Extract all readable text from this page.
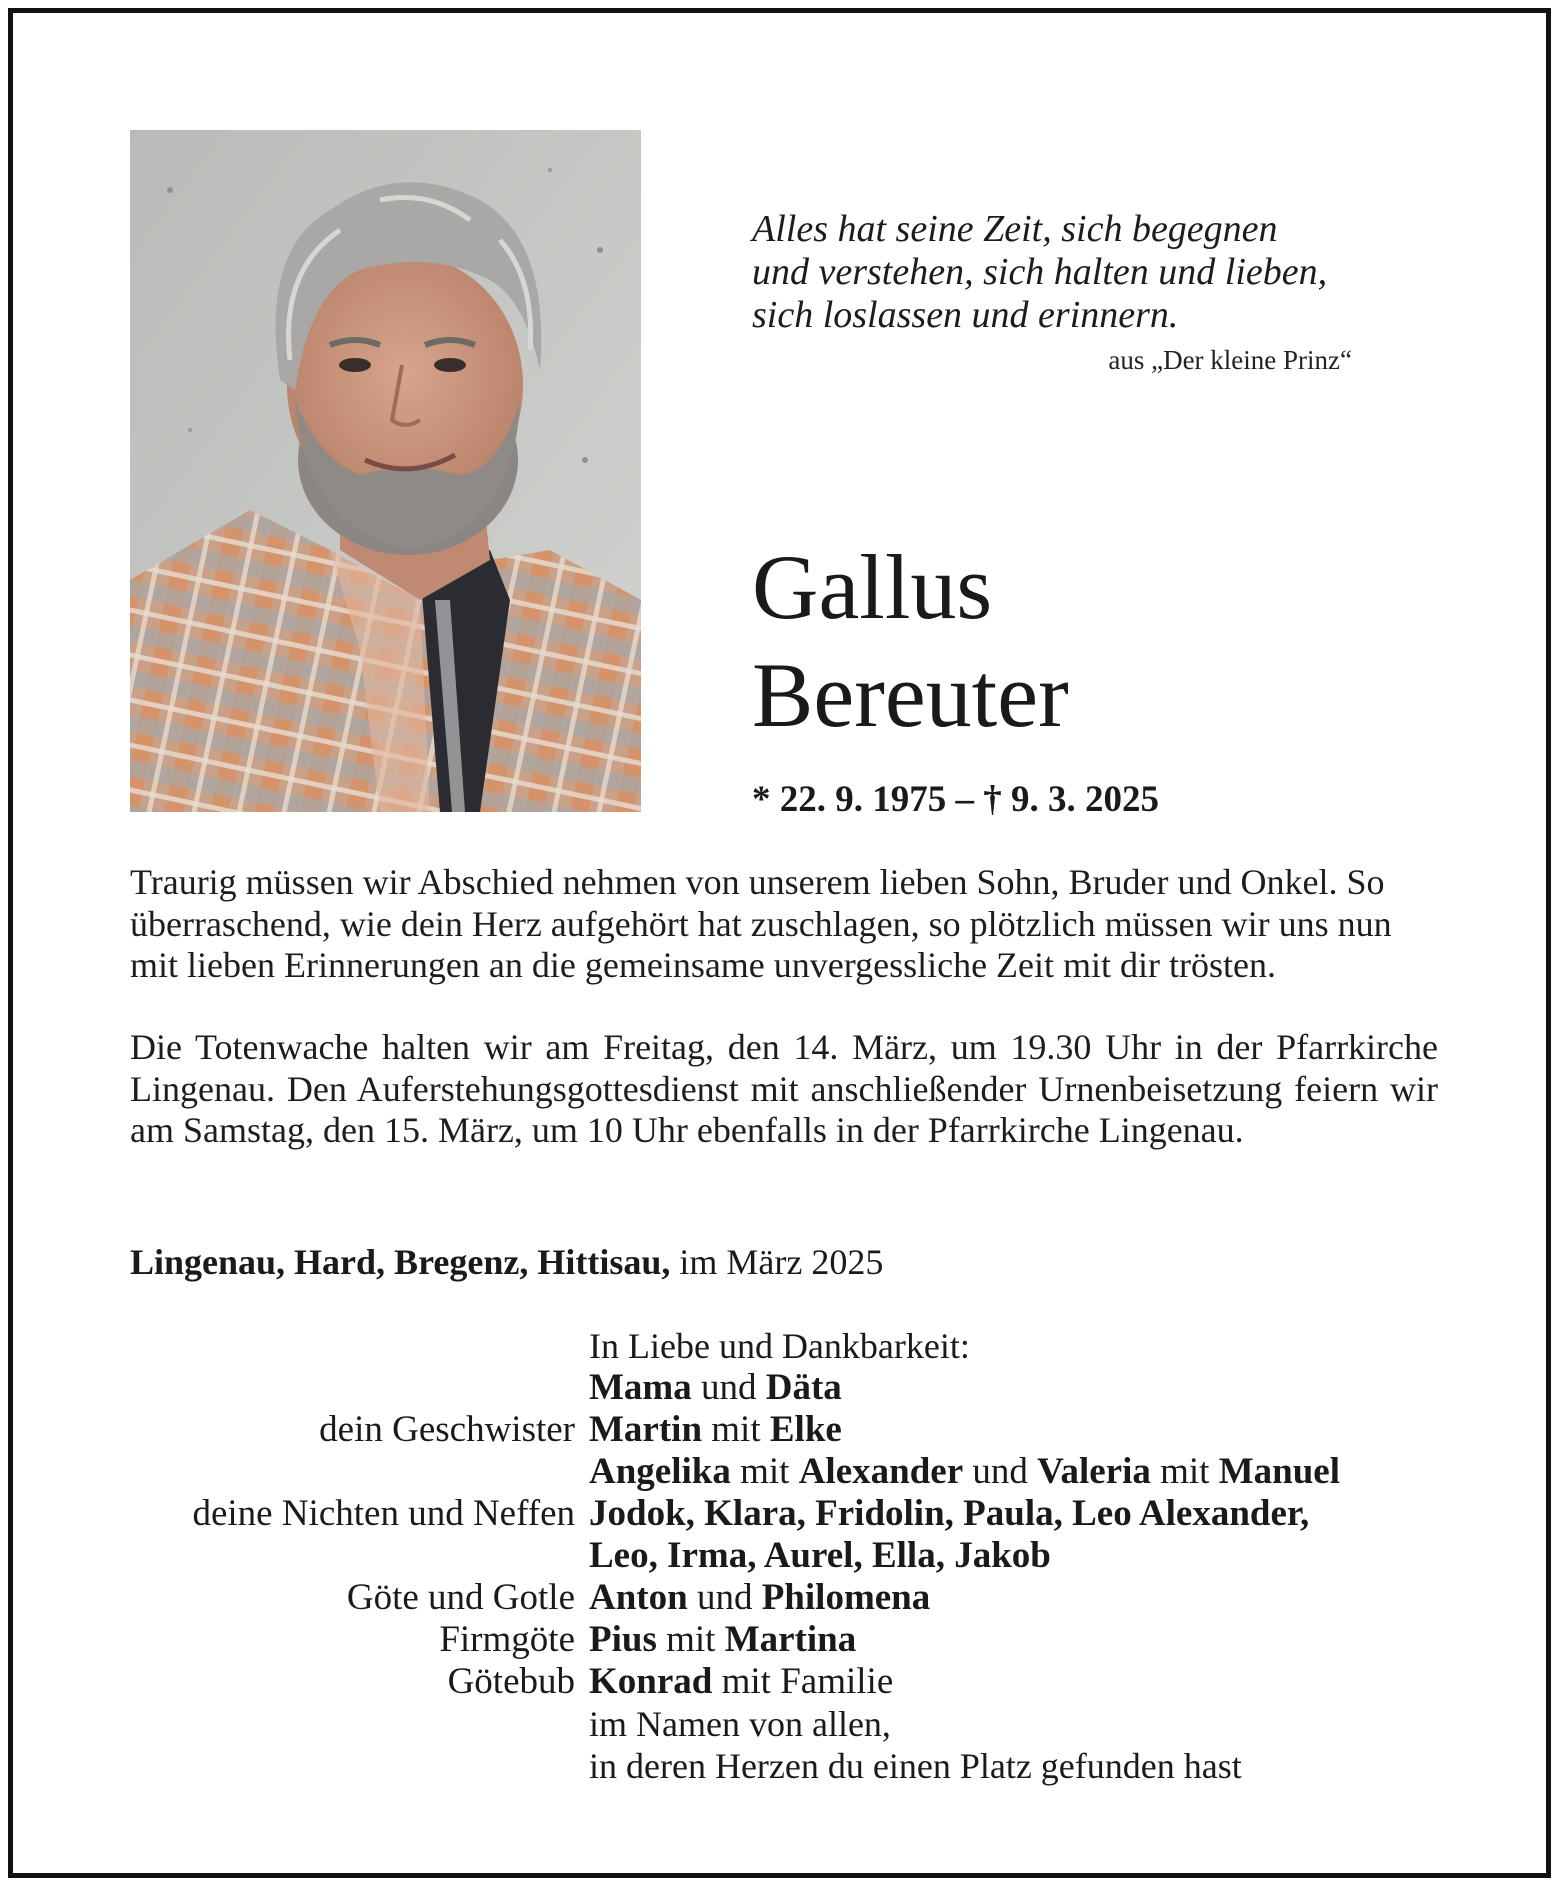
Alles hat seine Zeit, sich begegnen
und verstehen, sich halten und lieben,
sich loslassen und erinnern.
aus „Der kleine Prinz“
Gallus
Bereuter
* 22. 9. 1975 – † 9. 3. 2025
Traurig müssen wir Abschied nehmen von unserem lieben Sohn, Bruder und Onkel. So überraschend, wie dein Herz aufgehört hat zuschlagen, so plötzlich müssen wir uns nun mit lieben Erinnerungen an die gemeinsame unvergessliche Zeit mit dir trösten.
Die Totenwache halten wir am Freitag, den 14. März, um 19.30 Uhr in der Pfarrkirche Lingenau. Den Auferstehungsgottesdienst mit anschließender Urnenbeisetzung feiern wir am Samstag, den 15. März, um 10 Uhr ebenfalls in der Pfarrkirche Lingenau.
Lingenau, Hard, Bregenz, Hittisau, im März 2025
In Liebe und Dankbarkeit:
Mama und Däta
dein Geschwister Martin mit Elke
Angelika mit Alexander und Valeria mit Manuel
deine Nichten und Neffen Jodok, Klara, Fridolin, Paula, Leo Alexander,
Leo, Irma, Aurel, Ella, Jakob
Göte und Gotle Anton und Philomena
Firmgöte Pius mit Martina
Götebub Konrad mit Familie
im Namen von allen,
in deren Herzen du einen Platz gefunden hast
